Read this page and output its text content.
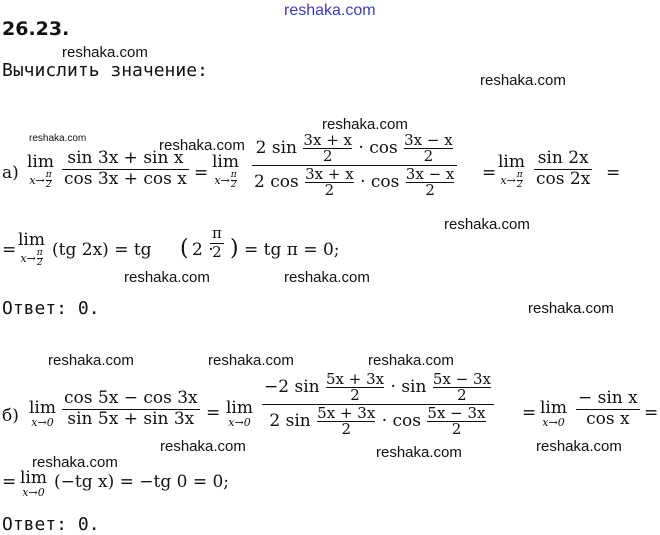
reshaka.com
reshaka.com
reshaka.com
reshaka.com	reshaka.com
reshaka.com
reshaka.com
reshaka.com	reshaka.com
reshaka.com
reshaka.com	reshaka.com	reshaka.com
reshaka.com	reshaka.com	reshaka.com
reshaka.com
26.23.
Вычислить значение:
а)
lim
x→ π
2
sin 3x + sin x
cos 3x + cos x =
lim
x→ π
2
2 $\sin \frac{3x + x}{2} \cdot \cos \frac{3x - x}{2}$
2 $\cos \frac{3x + x}{2} \cdot \cos \frac{3x - x}{2}$ =
lim
x→ π
2
sin 2x
cos 2x =
= lim
x→ π
2
(tg 2x) = tg ( 2 ·
π
2 ) = tg π = 0;
Ответ: 0.
б) lim
x→0
cos 5x − cos 3x
sin 5x + sin 3x = lim
x→0
−2 $\sin \frac{5x + 3x}{2} \cdot \sin \frac{5x - 3x}{2}$
2 $\sin \frac{5x + 3x}{2} \cdot \cos \frac{5x - 3x}{2} = \lim$
x→0
− sin x
cos x =
= lim
x→0
(−tg x) = −tg 0 = 0;
Ответ: 0.
